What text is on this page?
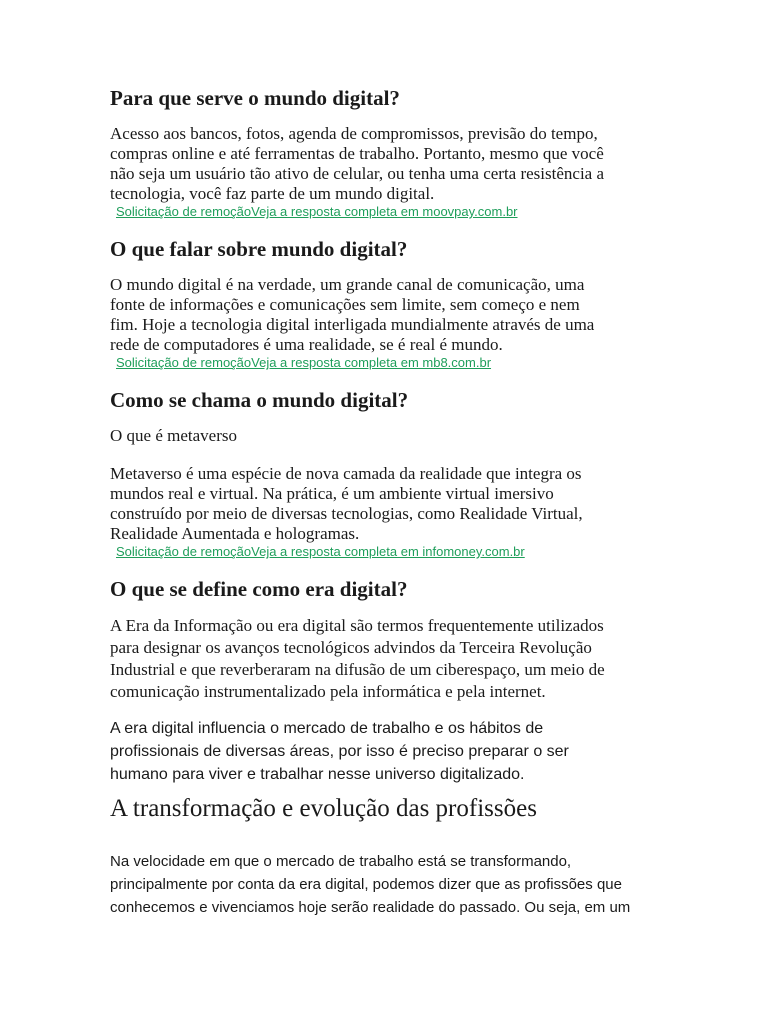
Para que serve o mundo digital?

Acesso aos bancos, fotos, agenda de compromissos, previsão do tempo,
compras online e até ferramentas de trabalho. Portanto, mesmo que você
não seja um usuário tão ativo de celular, ou tenha uma certa resistência a
tecnologia, você faz parte de um mundo digital.

Solicitação de remoçãoVeja a resposta completa em moovpay.com.br
O que falar sobre mundo digital?

O mundo digital é na verdade, um grande canal de comunicação, uma
fonte de informações e comunicações sem limite, sem começo e nem
fim. Hoje a tecnologia digital interligada mundialmente através de uma
rede de computadores é uma realidade, se é real é mundo.

Solicitação de remoçãoVeja a resposta completa em mb8.com.br
Como se chama o mundo digital?

O que é metaverso

Metaverso é uma espécie de nova camada da realidade que integra os
mundos real e virtual. Na prática, é um ambiente virtual imersivo
construído por meio de diversas tecnologias, como Realidade Virtual,
Realidade Aumentada e hologramas.

Solicitação de remoçãoVeja a resposta completa em infomoney.com.br
O que se define como era digital?

A Era da Informação ou era digital são termos frequentemente utilizados
para designar os avanços tecnológicos advindos da Terceira Revolução
Industrial e que reverberaram na difusão de um ciberespaço, um meio de
comunicação instrumentalizado pela informática e pela internet.

A era digital influencia o mercado de trabalho e os hábitos de
profissionais de diversas áreas, por isso é preciso preparar o ser
humano para viver e trabalhar nesse universo digitalizado.

A transformação e evolução das profissões

Na velocidade em que o mercado de trabalho está se transformando,
principalmente por conta da era digital, podemos dizer que as profissões que
conhecemos e vivenciamos hoje serão realidade do passado. Ou seja, em um
